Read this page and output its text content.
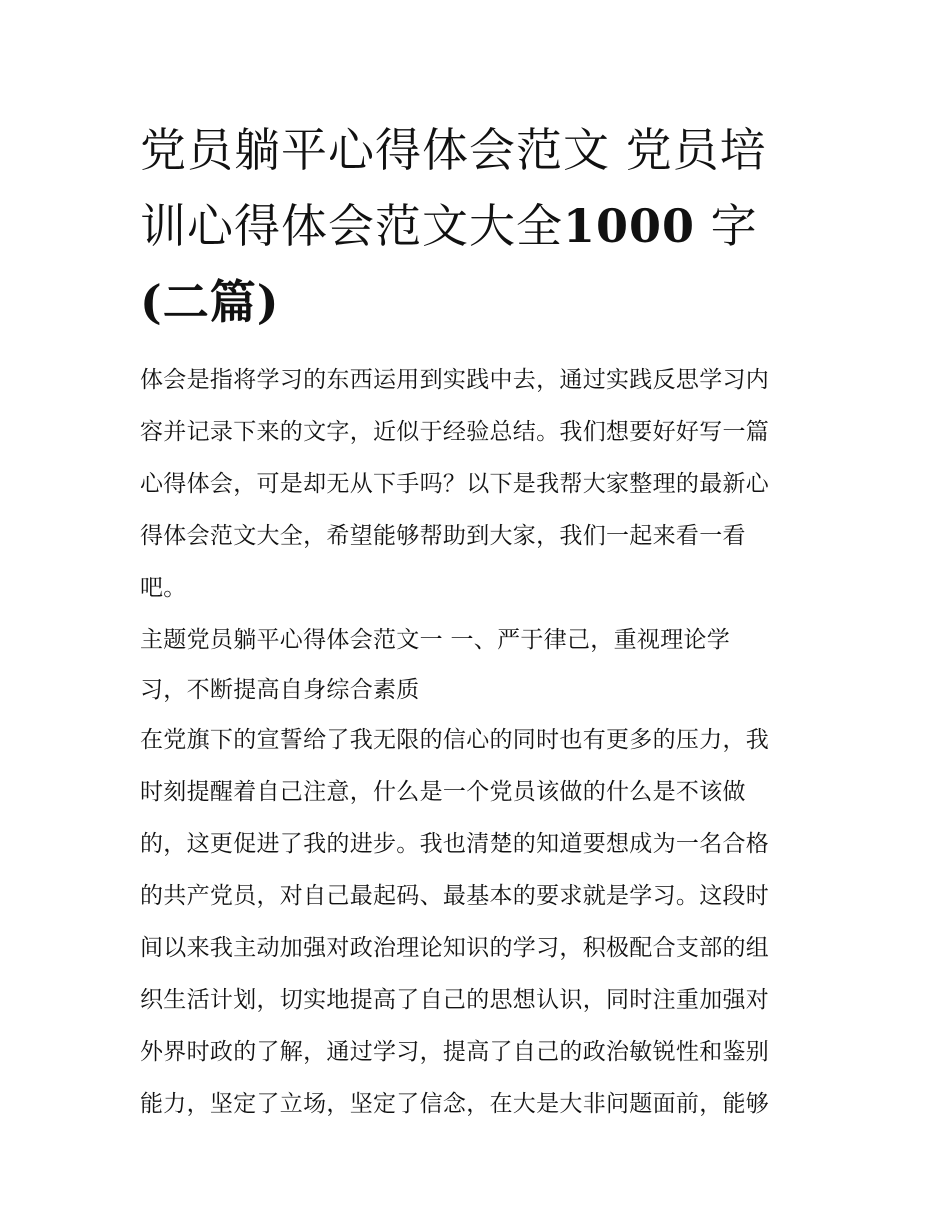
党员躺平心得体会范文 党员培
训心得体会范文大全1000 字
(二篇)
体会是指将学习的东西运用到实践中去，通过实践反思学习内
容并记录下来的文字，近似于经验总结。我们想要好好写一篇
心得体会，可是却无从下手吗？以下是我帮大家整理的最新心
得体会范文大全，希望能够帮助到大家，我们一起来看一看
吧。
主题党员躺平心得体会范文一 一、严于律己，重视理论学
习，不断提高自身综合素质
在党旗下的宣誓给了我无限的信心的同时也有更多的压力，我
时刻提醒着自己注意，什么是一个党员该做的什么是不该做
的，这更促进了我的进步。我也清楚的知道要想成为一名合格
的共产党员，对自己最起码、最基本的要求就是学习。这段时
间以来我主动加强对政治理论知识的学习，积极配合支部的组
织生活计划，切实地提高了自己的思想认识，同时注重加强对
外界时政的了解，通过学习，提高了自己的政治敏锐性和鉴别
能力，坚定了立场，坚定了信念，在大是大非问题面前，能够
